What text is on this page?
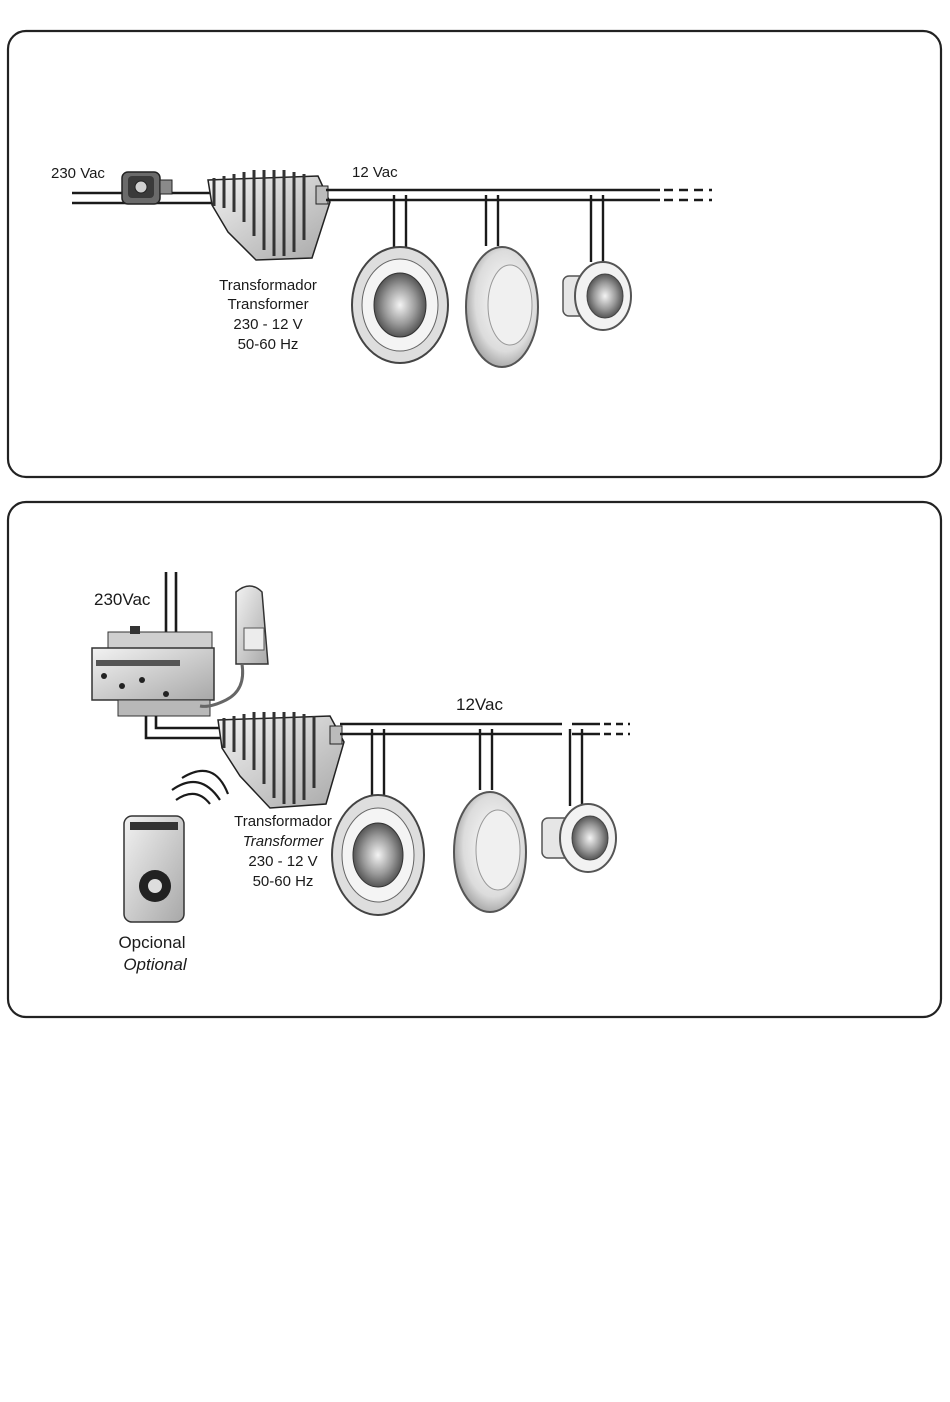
230 Vac	12 Vac
Transformador
Transformer
230 - 12 V
50-60 Hz
230Vac
12Vac
Transformador
Transformer
230 - 12 V
50-60 Hz
Opcional
Optional
